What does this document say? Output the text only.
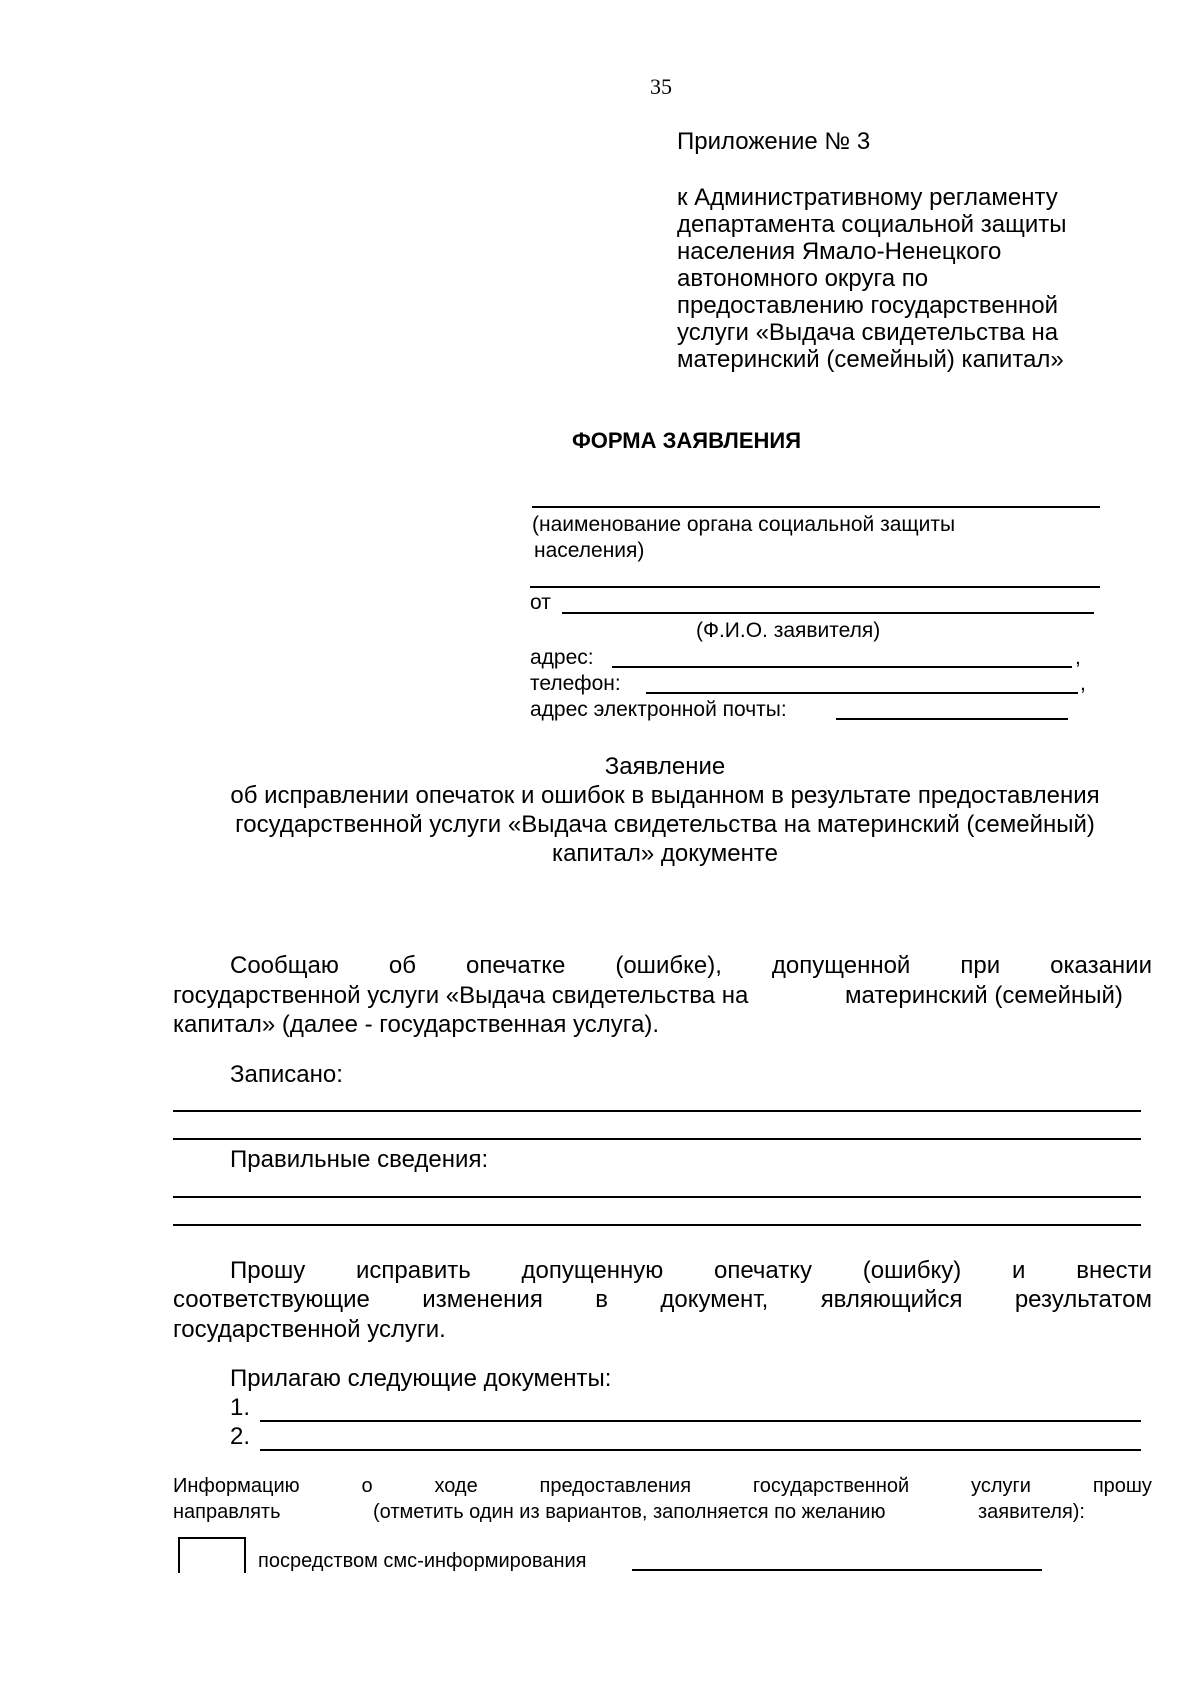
35
Приложение № 3
к Административному регламенту
департамента социальной защиты
населения Ямало-Ненецкого
автономного округа по
предоставлению государственной
услуги «Выдача свидетельства на
материнский (семейный) капитал»
ФОРМА ЗАЯВЛЕНИЯ
(наименование органа социальной защиты
населения)
от
(Ф.И.О. заявителя)
адрес:	,
телефон:	,
адрес электронной почты:
Заявление
об исправлении опечаток и ошибок в выданном в результате предоставления
государственной услуги «Выдача свидетельства на материнский (семейный)
капитал» документе
Сообщаю об опечатке (ошибке), допущенной при оказании
государственной услуги «Выдача свидетельства на	материнский (семейный)
капитал» (далее - государственная услуга).
Записано:
Правильные сведения:
Прошу исправить допущенную опечатку (ошибку) и внести
соответствующие изменения в документ, являющийся результатом
государственной услуги.
Прилагаю следующие документы:
1.
2.
Информацию	о	ходе	предоставления	государственной	услуги	прошу
направлять	(отметить один из вариантов, заполняется по желанию	заявителя):
посредством смс-информирования
